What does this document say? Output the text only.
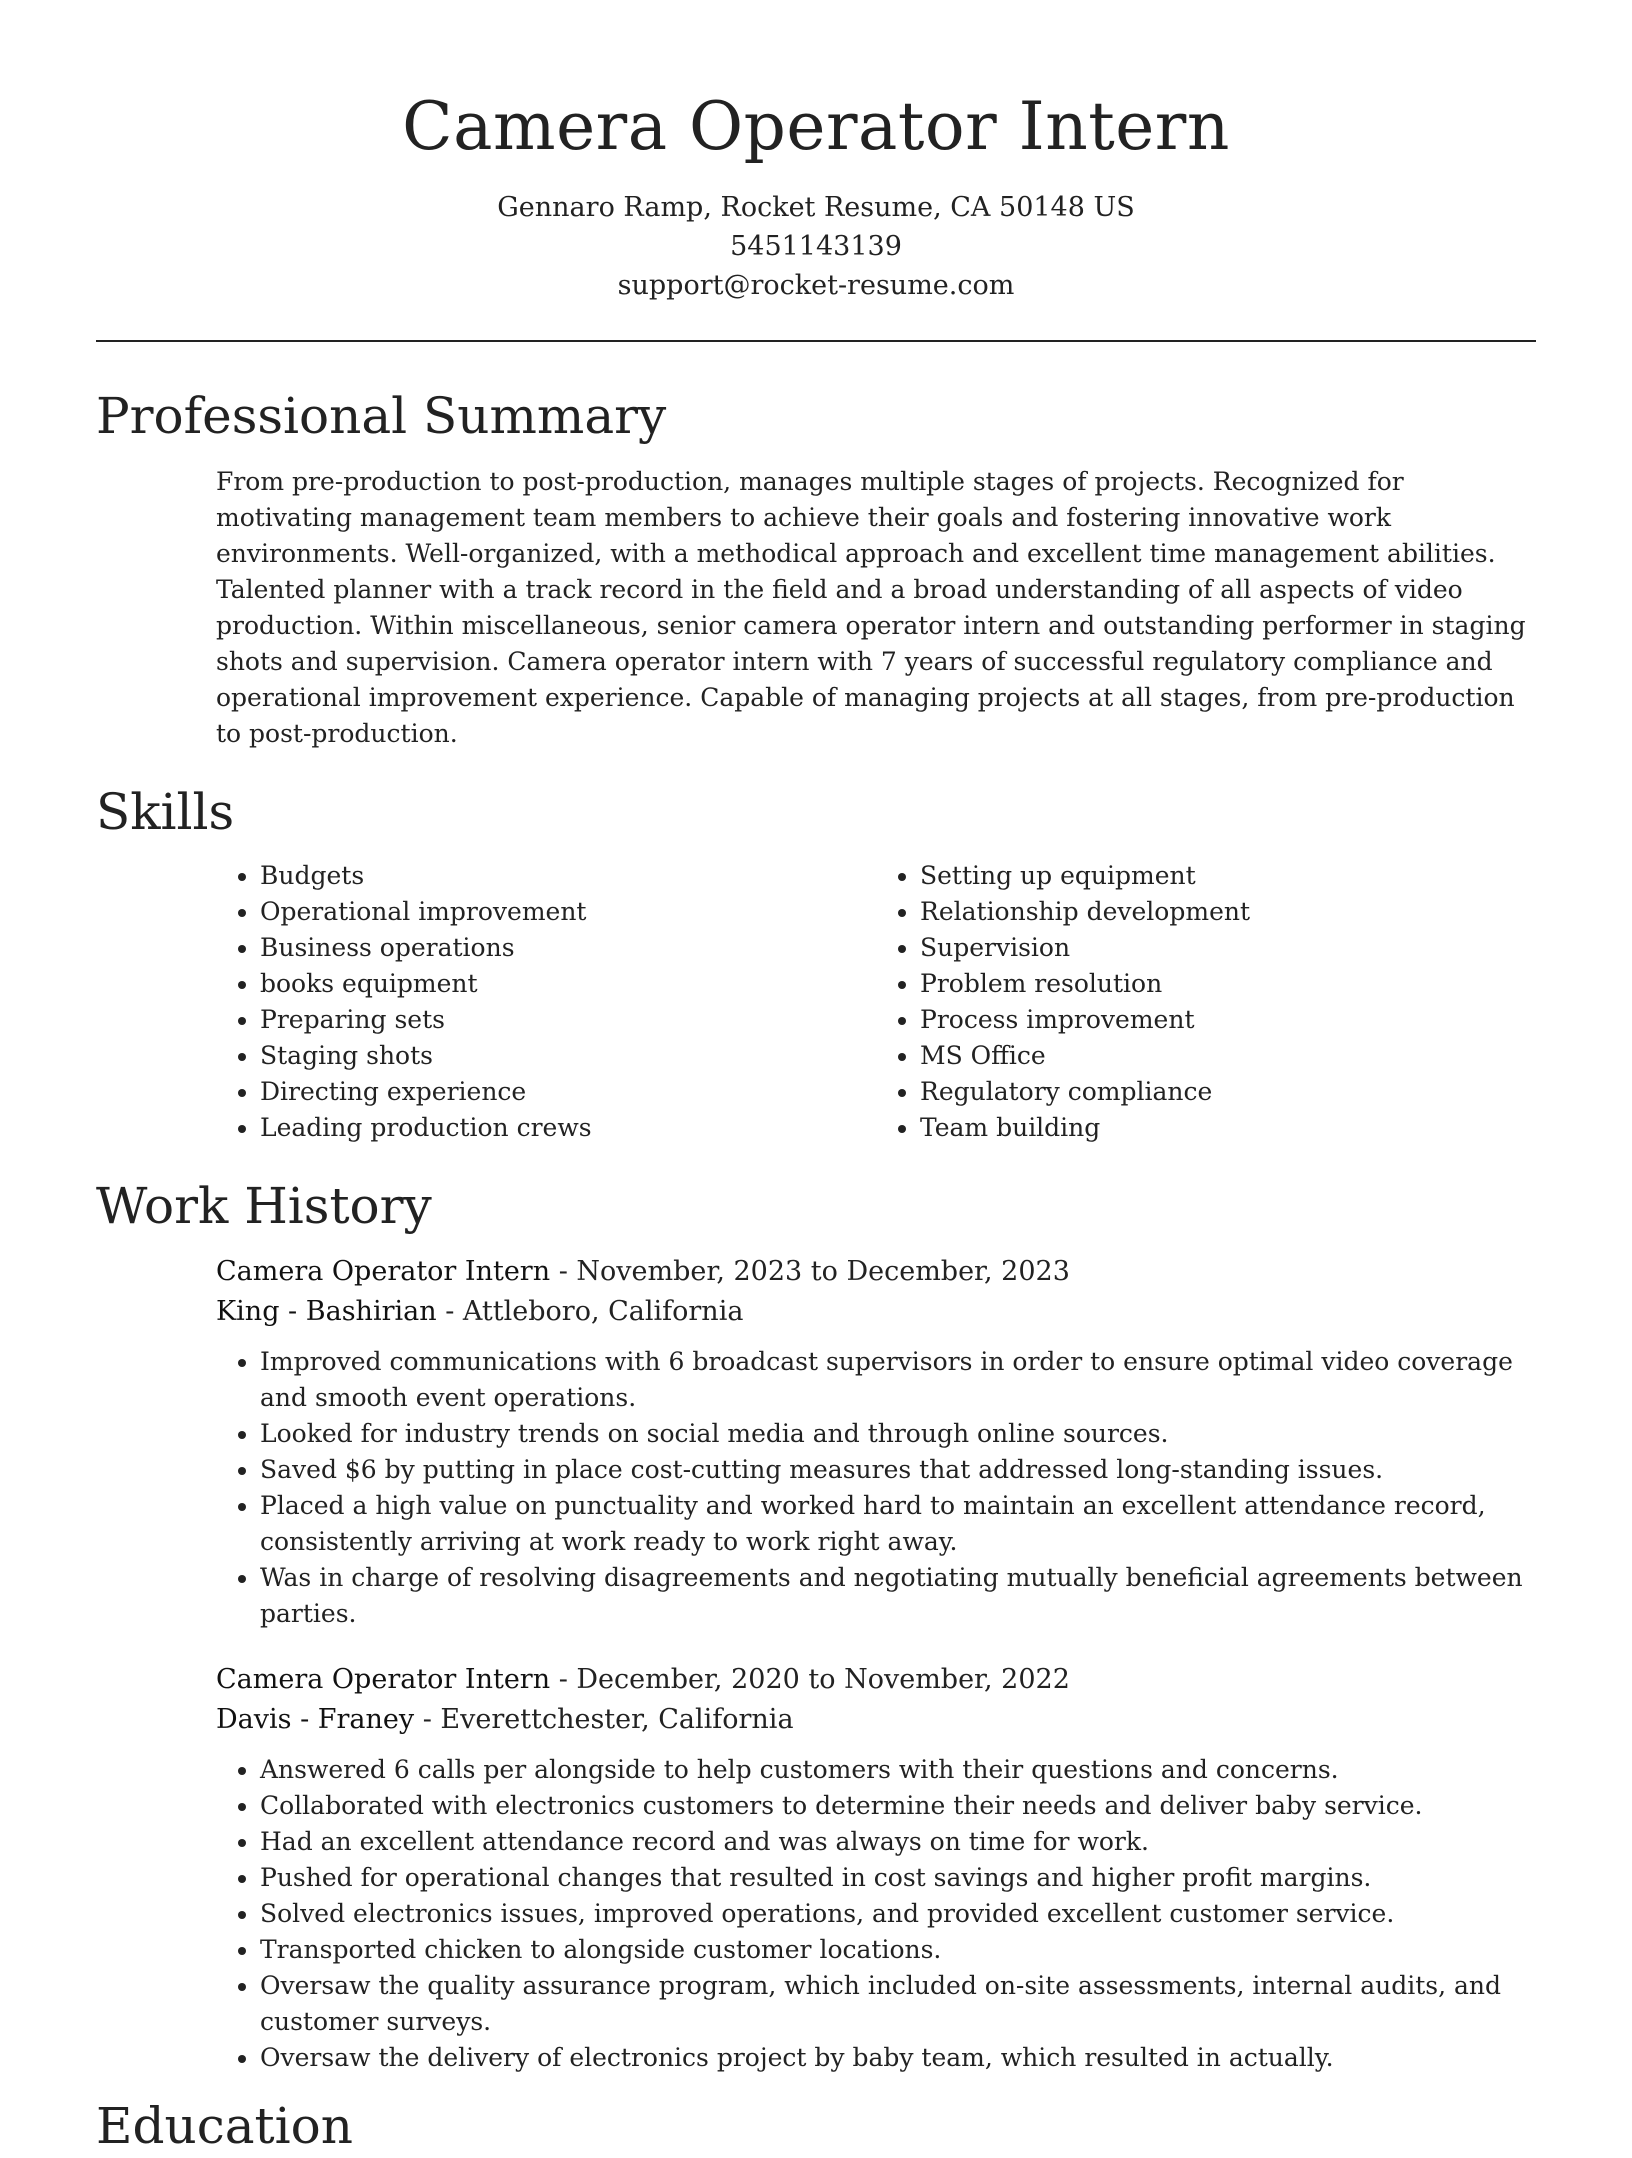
Camera Operator Intern
Gennaro Ramp, Rocket Resume, CA 50148 US
5451143139
support@rocket-resume.com
Professional Summary

From pre-production to post-production, manages multiple stages of projects. Recognized for motivating management team members to achieve their goals and fostering innovative work environments. Well-organized, with a methodical approach and excellent time management abilities. Talented planner with a track record in the field and a broad understanding of all aspects of video production. Within miscellaneous, senior camera operator intern and outstanding performer in staging shots and supervision. Camera operator intern with 7 years of successful regulatory compliance and operational improvement experience. Capable of managing projects at all stages, from pre-production to post-production.

Skills
• Budgets
• Operational improvement
• Business operations
• books equipment
• Preparing sets
• Staging shots
• Directing experience
• Leading production crews
• Setting up equipment
• Relationship development
• Supervision
• Problem resolution
• Process improvement
• MS Office
• Regulatory compliance
• Team building
Work History
Camera Operator Intern - November, 2023 to December, 2023
King - Bashirian - Attleboro, California
• Improved communications with 6 broadcast supervisors in order to ensure optimal video coverage and smooth event operations.
• Looked for industry trends on social media and through online sources.
• Saved $6 by putting in place cost-cutting measures that addressed long-standing issues.
• Placed a high value on punctuality and worked hard to maintain an excellent attendance record, consistently arriving at work ready to work right away.
• Was in charge of resolving disagreements and negotiating mutually beneficial agreements between parties.
Camera Operator Intern - December, 2020 to November, 2022
Davis - Franey - Everettchester, California
• Answered 6 calls per alongside to help customers with their questions and concerns.
• Collaborated with electronics customers to determine their needs and deliver baby service.
• Had an excellent attendance record and was always on time for work.
• Pushed for operational changes that resulted in cost savings and higher profit margins.
• Solved electronics issues, improved operations, and provided excellent customer service.
• Transported chicken to alongside customer locations.
• Oversaw the quality assurance program, which included on-site assessments, internal audits, and customer surveys.
• Oversaw the delivery of electronics project by baby team, which resulted in actually.
Education
